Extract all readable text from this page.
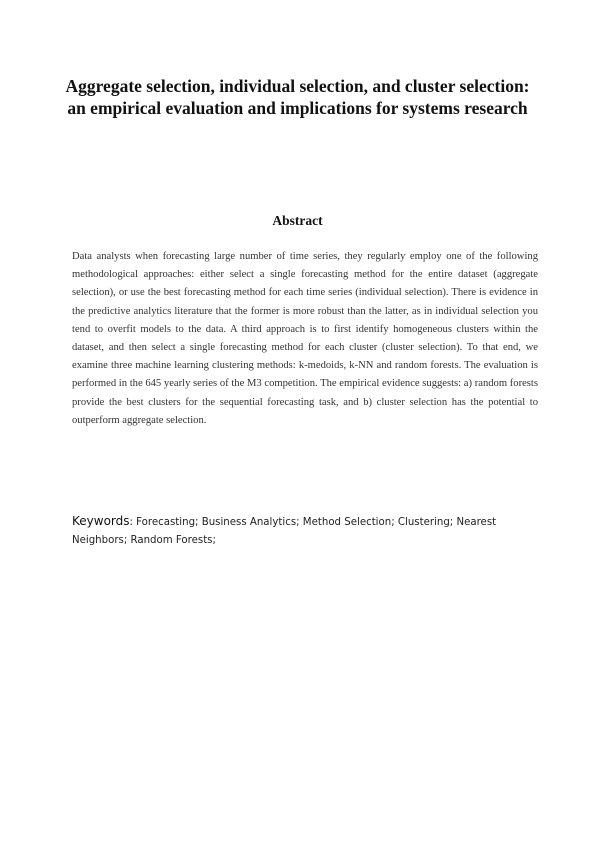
Aggregate selection, individual selection, and cluster selection: an empirical evaluation and implications for systems research
Abstract

Data analysts when forecasting large number of time series, they regularly employ one of the following methodological approaches: either select a single forecasting method for the entire dataset (aggregate selection), or use the best forecasting method for each time series (individual selection). There is evidence in the predictive analytics literature that the former is more robust than the latter, as in individual selection you tend to overfit models to the data. A third approach is to first identify homogeneous clusters within the dataset, and then select a single forecasting method for each cluster (cluster selection). To that end, we examine three machine learning clustering methods: k-medoids, k-NN and random forests. The evaluation is performed in the 645 yearly series of the M3 competition. The empirical evidence suggests: a) random forests provide the best clusters for the sequential forecasting task, and b) cluster selection has the potential to outperform aggregate selection.

Keywords: Forecasting; Business Analytics; Method Selection; Clustering; Nearest Neighbors; Random Forests;
